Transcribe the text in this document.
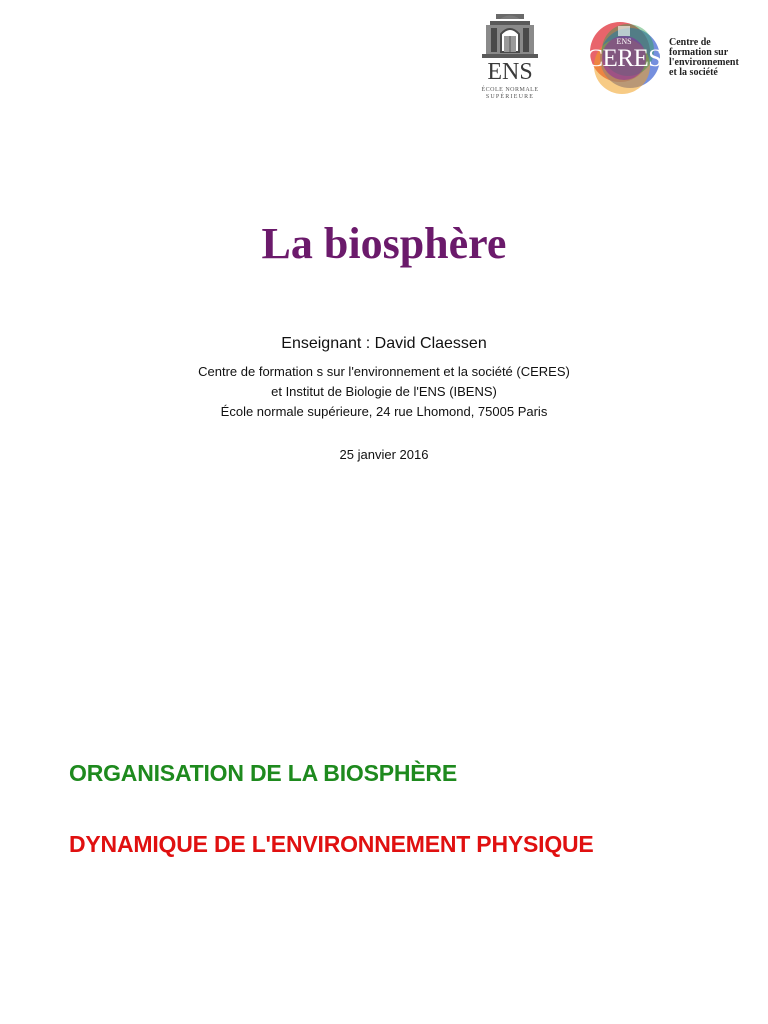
ENS
ÉCOLE NORMALE
SUPÉRIEURE
ENS
CERES
Centre de
formation sur
l'environnement
et la société
La biosphère
Enseignant : David Claessen
Centre de formation s sur l'environnement et la société (CERES)
et Institut de Biologie de l'ENS (IBENS)
École normale supérieure, 24 rue Lhomond, 75005 Paris
25 janvier 2016
ORGANISATION DE LA BIOSPHÈRE
DYNAMIQUE DE L'ENVIRONNEMENT PHYSIQUE
